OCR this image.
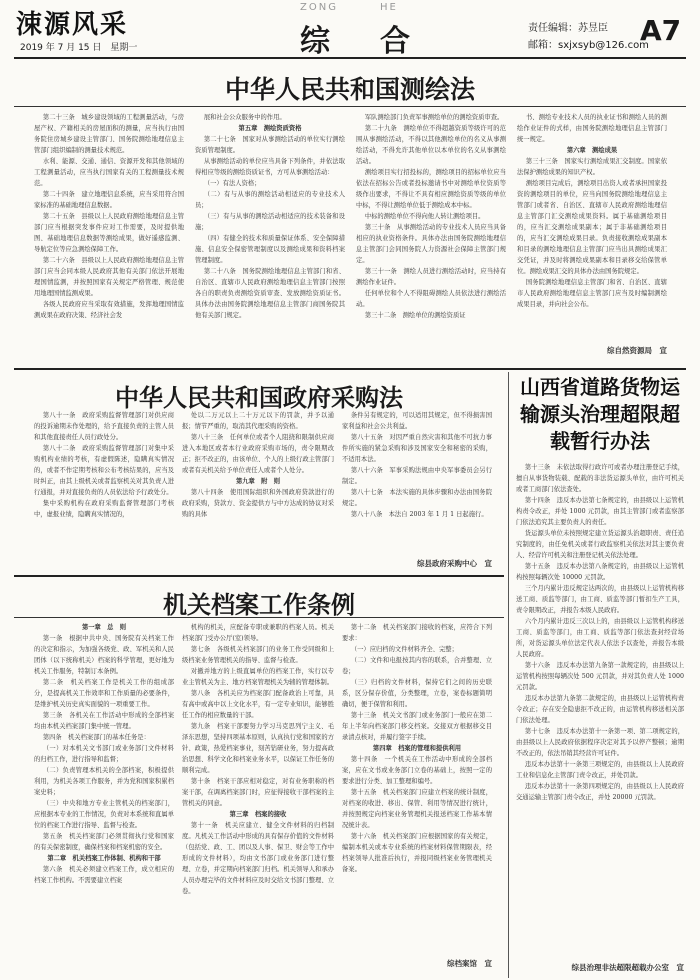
涑源风采
2019 年 7 月 15 日　星期一
ZONG	HE
综 合	责任编辑：苏昱臣
邮箱：sxjxsyb@126.com
A7
中华人民共和国测绘法

第二十三条　城乡建设领域的工程测量活动，与房屋产权、产籍相关的房屋面积的测量，应当执行由国务院住房城乡建设主管部门、国务院测绘地理信息主管部门组织编制的测量技术规范。

水利、能源、交通、通信、资源开发和其他领域的工程测量活动，应当执行国家有关的工程测量技术规范。

第二十四条　建立地理信息系统，应当采用符合国家标准的基础地理信息数据。

第二十五条　县级以上人民政府测绘地理信息主管部门应当根据突发事件应对工作需要，及时提供地图、基础地理信息数据等测绘成果，做好遥感监测、导航定位等应急测绘保障工作。

第二十六条　县级以上人民政府测绘地理信息主管部门应当会同本级人民政府其他有关部门依法开展地理国情监测，并按照国家有关规定严格管理、规范使用地理国情监测成果。

各级人民政府应当采取有效措施，发挥地理国情监测成果在政府决策、经济社会发

展和社会公众服务中的作用。

第五章　测绘资质资格

第二十七条　国家对从事测绘活动的单位实行测绘资质管理制度。

从事测绘活动的单位应当具备下列条件，并依法取得相应等级的测绘资质证书，方可从事测绘活动：

（一）有法人资格；

（二）有与从事的测绘活动相适应的专业技术人员；

（三）有与从事的测绘活动相适应的技术装备和设施；

（四）有健全的技术和质量保证体系、安全保障措施、信息安全保密管理制度以及测绘成果和资料档案管理制度。

第二十八条　国务院测绘地理信息主管部门和省、自治区、直辖市人民政府测绘地理信息主管部门按照各自的职责负责测绘资质审查、发放测绘资质证书。具体办法由国务院测绘地理信息主管部门商国务院其他有关部门规定。

军队测绘部门负责军事测绘单位的测绘资质审查。

第二十九条　测绘单位不得超越资质等级许可的范围从事测绘活动，不得以其他测绘单位的名义从事测绘活动，不得允许其他单位以本单位的名义从事测绘活动。

测绘项目实行招投标的，测绘项目的招标单位应当依法在招标公告或者投标邀请书中对测绘单位资质等级作出要求，不得让不具有相应测绘资质等级的单位中标，不得让测绘单位低于测绘成本中标。

中标的测绘单位不得向他人转让测绘项目。

第三十条　从事测绘活动的专业技术人员应当具备相应的执业资格条件。具体办法由国务院测绘地理信息主管部门会同国务院人力资源社会保障主管部门规定。

第三十一条　测绘人员进行测绘活动时，应当持有测绘作业证件。

任何单位和个人不得阻碍测绘人员依法进行测绘活动。

第三十二条　测绘单位的测绘资质证

书、测绘专业技术人员的执业证书和测绘人员的测绘作业证件的式样，由国务院测绘地理信息主管部门统一规定。

第六章　测绘成果

第三十三条　国家实行测绘成果汇交制度。国家依法保护测绘成果的知识产权。

测绘项目完成后，测绘项目出资人或者承担国家投资的测绘项目的单位，应当向国务院测绘地理信息主管部门或者省、自治区、直辖市人民政府测绘地理信息主管部门汇交测绘成果资料。属于基础测绘项目的，应当汇交测绘成果副本；属于非基础测绘项目的，应当汇交测绘成果目录。负责接收测绘成果副本和目录的测绘地理信息主管部门应当出具测绘成果汇交凭证，并及时将测绘成果副本和目录移交给保管单位。测绘成果汇交的具体办法由国务院规定。

国务院测绘地理信息主管部门和省、自治区、直辖市人民政府测绘地理信息主管部门应当及时编制测绘成果目录，并向社会公布。

综自然资源局　宣

中华人民共和国政府采购法

第八十一条　政府采购监督管理部门对供应商的投诉逾期未作处理的，给予直接负责的主管人员和其他直接责任人员行政处分。

第八十二条　政府采购监督管理部门对集中采购机构业绩的考核，有虚假陈述，隐瞒真实情况的，或者不作定期考核和公布考核结果的，应当及时纠正，由其上级机关或者监察机关对其负责人进行通报，并对直接负责的人员依法给予行政处分。

集中采购机构在政府采购监督管理部门考核中，虚报业绩，隐瞒真实情况的，

处以二万元以上二十万元以下的罚款，并予以通报；情节严重的，取消其代理采购的资格。

第八十三条　任何单位或者个人阻挠和限制供应商进入本地区或者本行业政府采购市场的，责令限期改正；拒不改正的，由该单位、个人的上级行政主管部门或者有关机关给予单位责任人或者个人处分。

第九章　附　则

第八十四条　使用国际组织和外国政府贷款进行的政府采购，贷款方、资金提供方与中方达成的协议对采购的具体

条件另有规定的，可以适用其规定，但不得损害国家利益和社会公共利益。

第八十五条　对因严重自然灾害和其他不可抗力事件所实施的紧急采购和涉及国家安全和秘密的采购，不适用本法。

第八十六条　军事采购法规由中央军事委员会另行制定。

第八十七条　本法实施的具体步骤和办法由国务院规定。

第八十八条　本法自 2003 年 1 月 1 日起施行。

综县政府采购中心　宣

机关档案工作条例

第一章　总　则

第一条　根据中共中央、国务院有关档案工作的决定和指示，为加强各级党、政、军机关和人民团体（以下统称机关）档案的科学管理，更好地为机关工作服务，特制订本条例。

第二条　机关档案工作是机关工作的组成部分，是提高机关工作效率和工作质量的必要条件，是维护机关历史真实面貌的一项重要工作。

第三条　各机关在工作活动中形成的全部档案均由本机关档案部门集中统一管理。

第四条　机关档案部门的基本任务是：

（一）对本机关文书部门或业务部门文件材料的归档工作，进行指导和监督；

（二）负责管理本机关的全部档案，积极提供利用，为机关各项工作服务，并为党和国家积累档案史料；

（三）中央和地方专业主管机关的档案部门，应根据本专业的工作情况，负责对本系统和直属单位的档案工作进行指导、监督与检查。

第五条　机关档案部门必须贯彻执行党和国家的有关保密制度，确保档案和档案机密的安全。

第二章　机关档案工作体制、机构和干部

第六条　机关必须建立档案工作，成立相应的档案工作机构。不需要建立档案

机构的机关，应配备专职或兼职的档案人员。机关档案部门受办公厅(室)领导。

第七条　各级机关档案部门的业务工作受同级和上级档案业务管理机关的指导、监督与检查。

对撤并地方的上级直属单位的档案工作，实行以专业主管机关为主、地方档案管理机关为辅的管理体制。

第八条　各机关应为档案部门配备政治上可靠，具有高中或高中以上文化水平，有一定专业知识，能够胜任工作的相应数量的干部。

第九条　档案干部要努力学习马克思列宁主义、毛泽东思想，坚持四项基本原则，认真执行党和国家的方针、政策，热爱档案事业，刻苦钻研业务，努力提高政治思想、科学文化和档案业务水平，以保证工作任务的顺利完成。

第十条　档案干部应相对稳定，对有业务职称的档案干部，在调离档案部门时，应征得接收干部档案的主管机关的同意。

第三章　档案的接收

第十一条　机关应建立、健全文件材料的归档制度。凡机关工作活动中形成的具有保存价值的文件材料（包括党、政、工、团以及人事、保卫、财会等工作中形成的文件材料），均由文书部门或业务部门进行整理、立卷，并定期向档案部门归档。机关领导人和承办人员办理完毕的文件材料应及时交给文书部门整理、立卷。

第十二条　机关档案部门接收的档案，应符合下列要求：

（一）应归档的文件材料齐全、完整；

（二）文件和电报按其内容的联系，合并整理、立卷；

（三）归档的文件材料，保持它们之间的历史联系，区分保存价值，分类整理，立卷，案卷标题简明确切，便于保管和利用。

第十三条　机关文书部门或业务部门一般应在第二年上半年向档案部门移交档案。交接双方根据移交目录清点核对，并履行签字手续。

第四章　档案的管理和提供利用

第十四条　一个机关在工作活动中形成的全部档案，应在文书或业务部门立卷的基础上，按照一定的要求进行分类、加工整理和编号。

第十五条　机关档案部门应建立档案的统计制度，对档案的收进、移出、保管、利用等情况进行统计，并按照规定向档案业务管理机关报送档案工作基本情况统计表。

第十六条　机关档案部门应根据国家的有关规定，编制本机关或本专业系统的档案材料保管期限表，经档案领导人批准后执行，并报同级档案业务管理机关备案。

综档案馆　宣

山西省道路货物运输源头治理超限超载暂行办法

第十三条　未依法取得行政许可或者办理注册登记手续，擅自从事货物装载、配载的非法货运源头单位，由许可机关或者工商部门依法查处。

第十四条　违反本办法第七条规定的，由县级以上运管机构责令改正，并处 1000 元罚款，由其主管部门或者监察部门依法追究其主要负责人的责任。

货运源头单位未按照规定建立货运源头治超职责、责任追究制度的，由任免机关或者行政监察机关依法对其主要负责人、经营许可机关和注册登记机关依法处理。

第十五条　违反本办法第八条规定的，由县级以上运管机构按照每辆次处 10000 元罚款。

三个月内累计违反规定达两次的，由县级以上运管机构移送工商、质监等部门，由工商、质监等部门暂扣生产工具，责令限期改正，并报告本级人民政府。

六个月内累计违反三次以上的，由县级以上运管机构移送工商、质监等部门，由工商、质监等部门依法查封经营场所，对货运源头单位法定代表人依法予以查处，并报告本级人民政府。

第十六条　违反本办法第九条第一款规定的，由县级以上运管机构按照每辆次处 500 元罚款，并对其负责人处 1000 元罚款。

违反本办法第九条第二款规定的，由县级以上运管机构责令改正；存在安全隐患拒不改正的，由运管机构移送相关部门依法处理。

第十七条　违反本办法第十一条第一项、第二项规定的，由县级以上人民政府依据程序决定对其予以停产整顿；逾期不改正的，依法吊销其经营许可证件。

违反本办法第十一条第三项规定的，由县级以上人民政府工业和信息化主管部门责令改正，并处罚款。

违反本办法第十一条第四项规定的，由县级以上人民政府交通运输主管部门责令改正，并处 20000 元罚款。

综县治理非法超限超载办公室　宣
